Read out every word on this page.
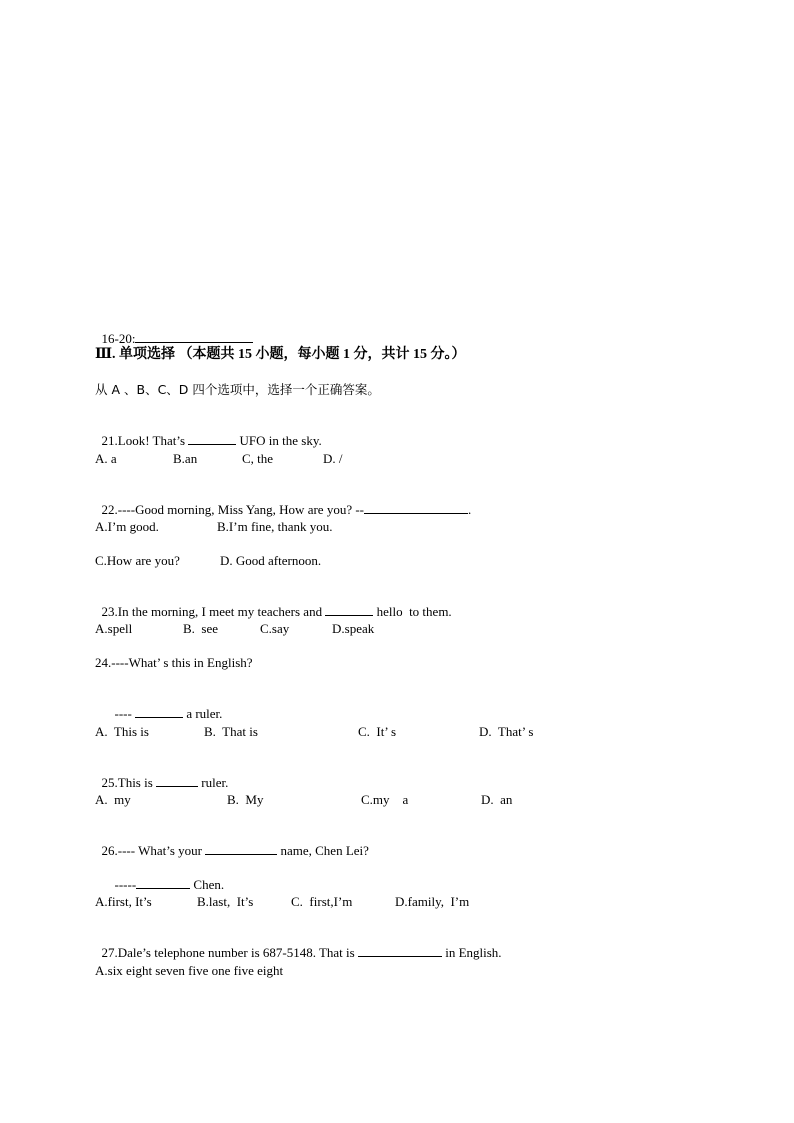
16-20:

Ⅲ. 单项选择 （本题共 15 小题，每小题 1 分，共计 15 分。）
从 A 、B、C、D 四个选项中，选择一个正确答案。

21.Look! That’s	UFO in the sky.

A. a	B.an	C, the	D. /

22.----Good morning, Miss Yang, How are you? --	.

A.I’m good.	B.I’m fine, thank you.
C.How are you?	D. Good afternoon.

23.In the morning, I meet my teachers and	hello  to them.

A.spell	B.  see	C.say	D.speak
24.----What’ s this in English?

----	a ruler.

A.  This is	B.  That is	C.  It’ s	D.  That’ s

25.This is	ruler.

A.  my	B.  My	C.my    a	D.  an

26.---- What’s your	name, Chen Lei?

-----	Chen.

A.first, It’s	B.last,  It’s	C.  first,I’m	D.family,  I’m

27.Dale’s telephone number is 687-5148. That is	in English.

A.six eight seven five one five eight
